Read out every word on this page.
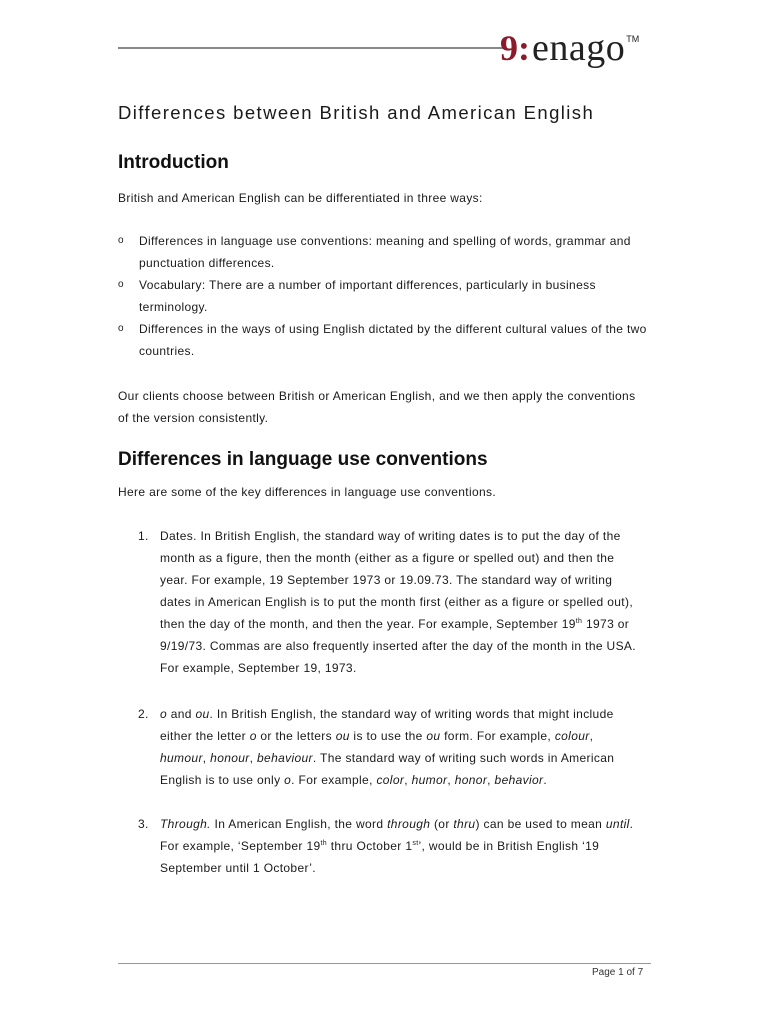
9: enago TM
Differences between British and American English
Introduction
British and American English can be differentiated in three ways:
o Differences in language use conventions: meaning and spelling of words, grammar and punctuation differences.
o Vocabulary: There are a number of important differences, particularly in business terminology.
o Differences in the ways of using English dictated by the different cultural values of the two countries.
Our clients choose between British or American English, and we then apply the conventions of the version consistently.
Differences in language use conventions
Here are some of the key differences in language use conventions.
1. Dates. In British English, the standard way of writing dates is to put the day of the month as a figure, then the month (either as a figure or spelled out) and then the year. For example, 19 September 1973 or 19.09.73. The standard way of writing dates in American English is to put the month first (either as a figure or spelled out), then the day of the month, and then the year. For example, September 19th 1973 or 9/19/73. Commas are also frequently inserted after the day of the month in the USA. For example, September 19, 1973.
2. o and ou. In British English, the standard way of writing words that might include either the letter o or the letters ou is to use the ou form. For example, colour, humour, honour, behaviour. The standard way of writing such words in American English is to use only o. For example, color, humor, honor, behavior.
3. Through. In American English, the word through (or thru) can be used to mean until. For example, ‘September 19th thru October 1st’, would be in British English ‘19 September until 1 October’.
Page 1 of 7
